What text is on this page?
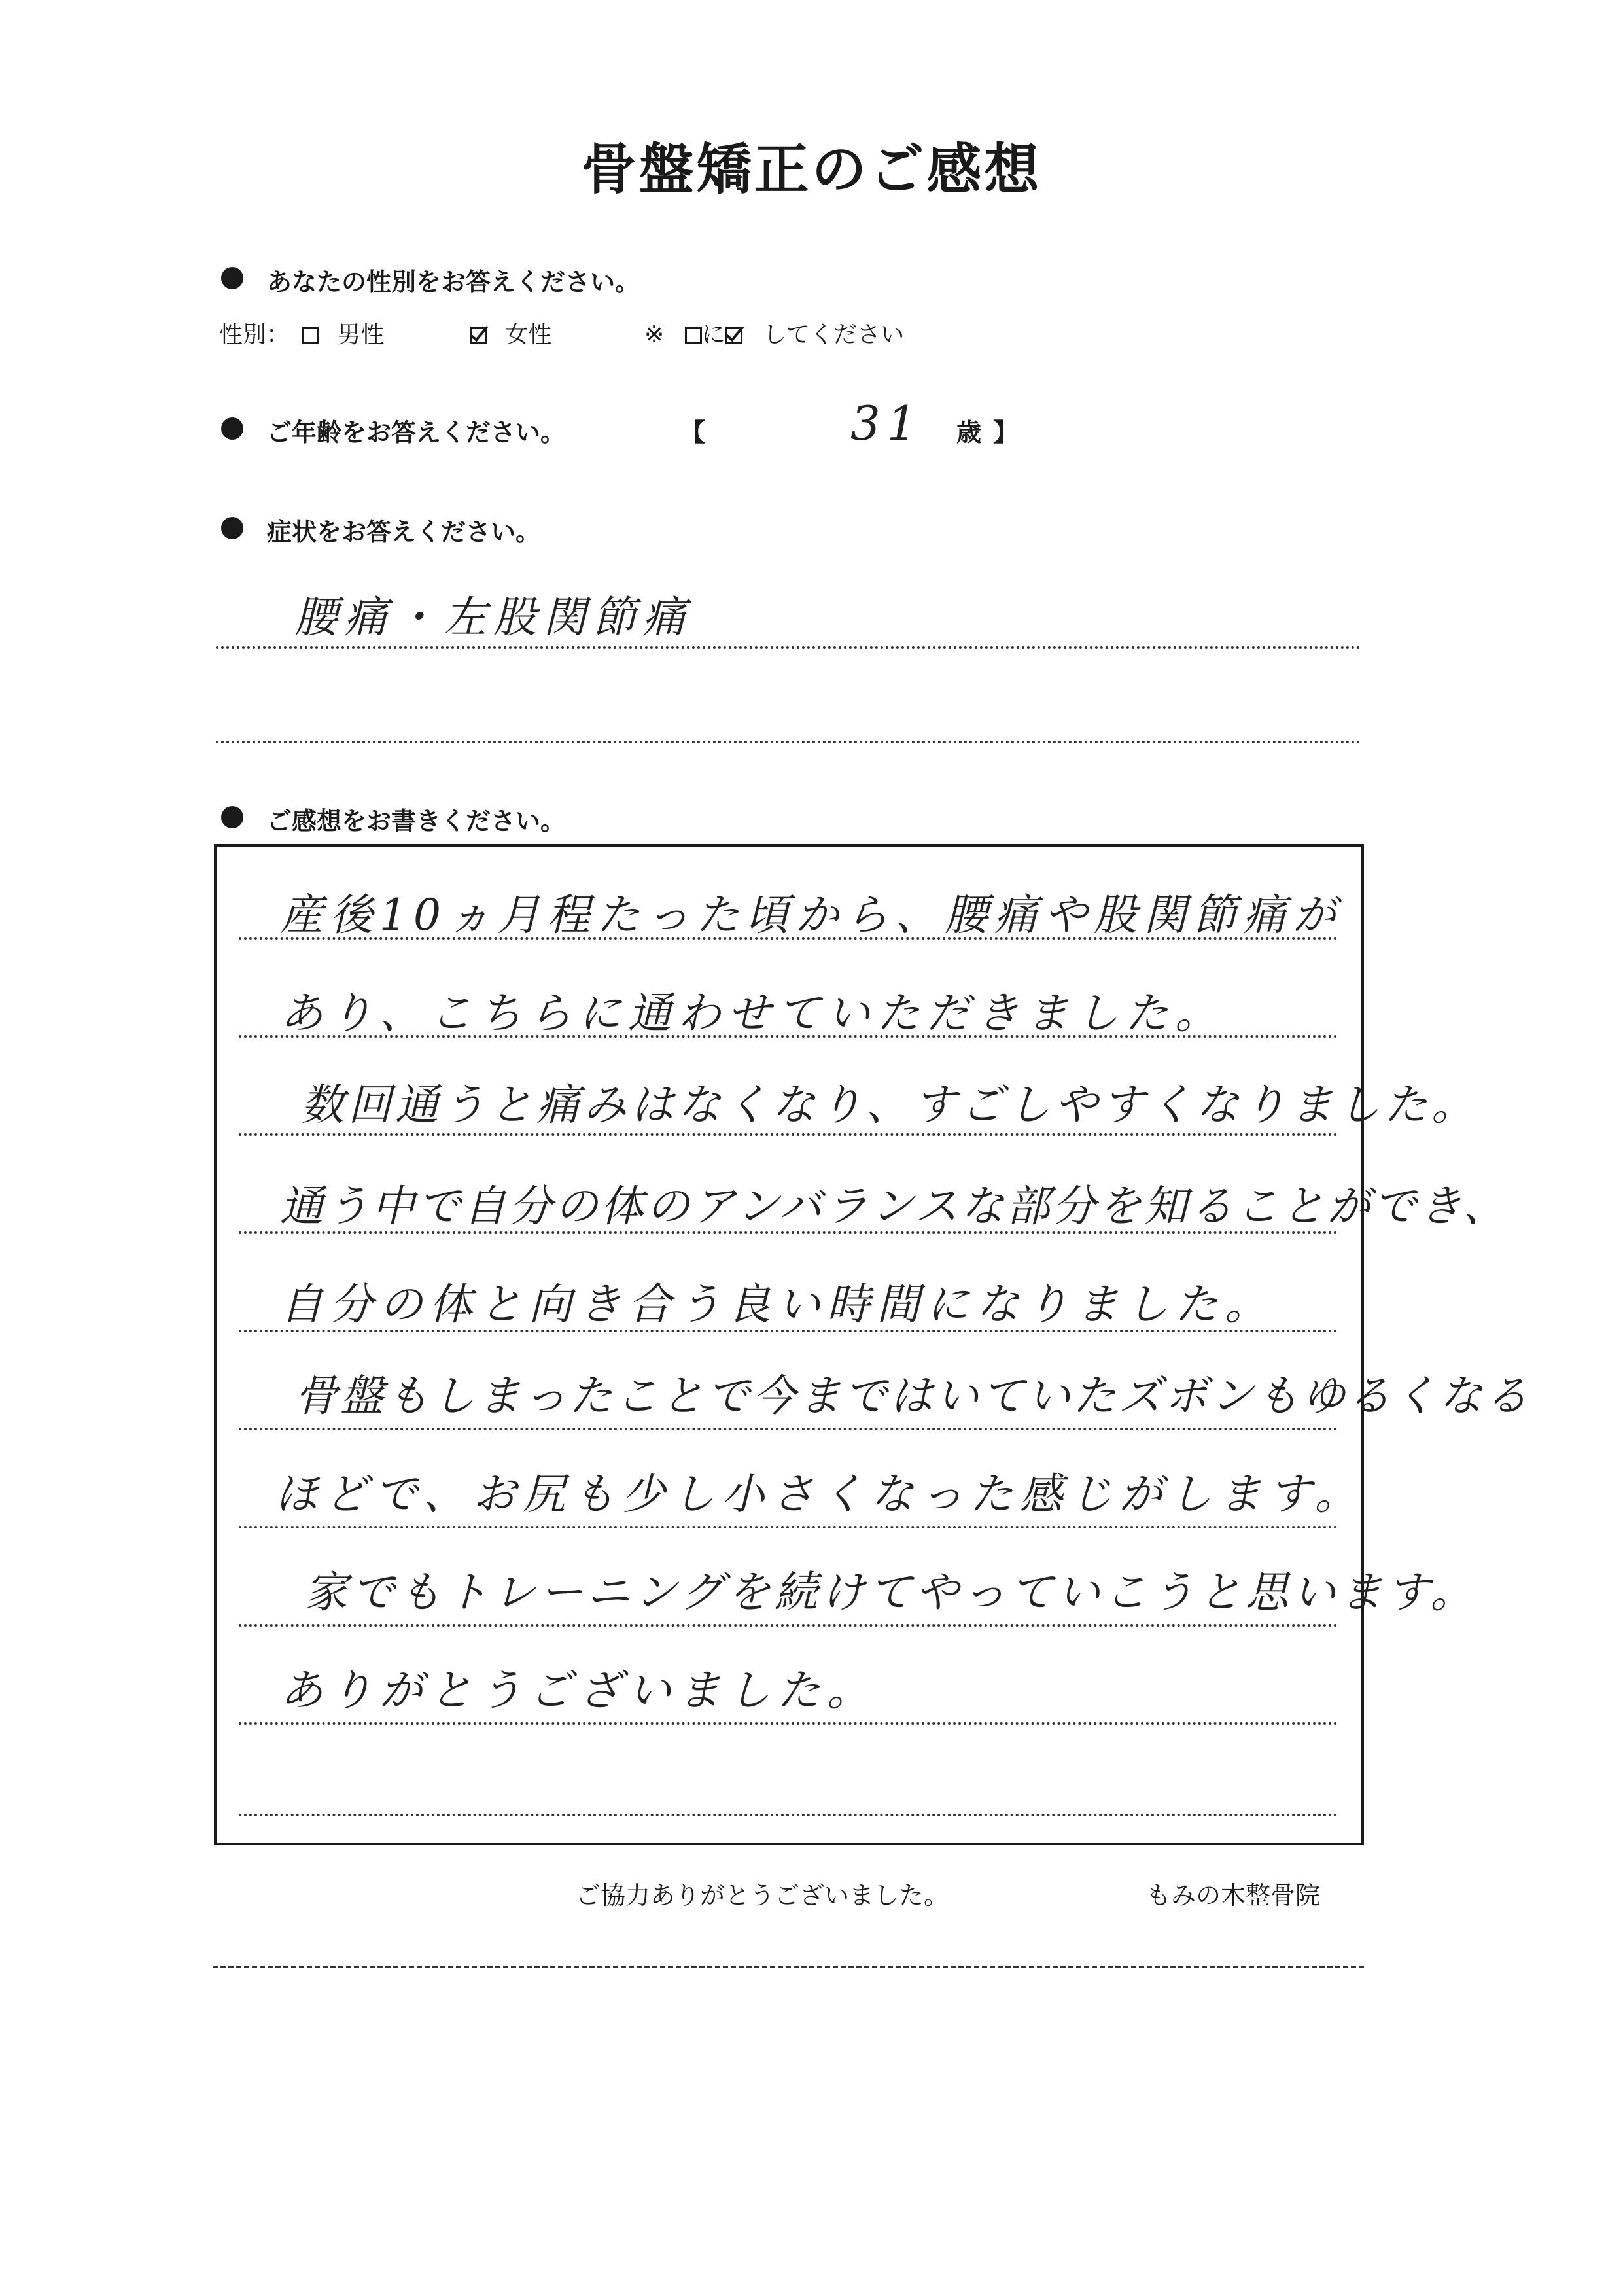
骨盤矯正のご感想
あなたの性別をお答えください。
性別：	男性	女性	※ に してください
ご年齢をお答えください。	【	31 歳 】
症状をお答えください。
腰痛・左股関節痛
ご感想をお書きください。
産後10ヵ月程たった頃から、腰痛や股関節痛が
あり、こちらに通わせていただきました。
数回通うと痛みはなくなり、すごしやすくなりました。
通う中で自分の体のアンバランスな部分を知ることができ、
自分の体と向き合う良い時間になりました。
骨盤もしまったことで今まではいていたズボンもゆるくなる
ほどで、お尻も少し小さくなった感じがします。
家でもトレーニングを続けてやっていこうと思います。
ありがとうございました。
ご協力ありがとうございました。	もみの木整骨院
